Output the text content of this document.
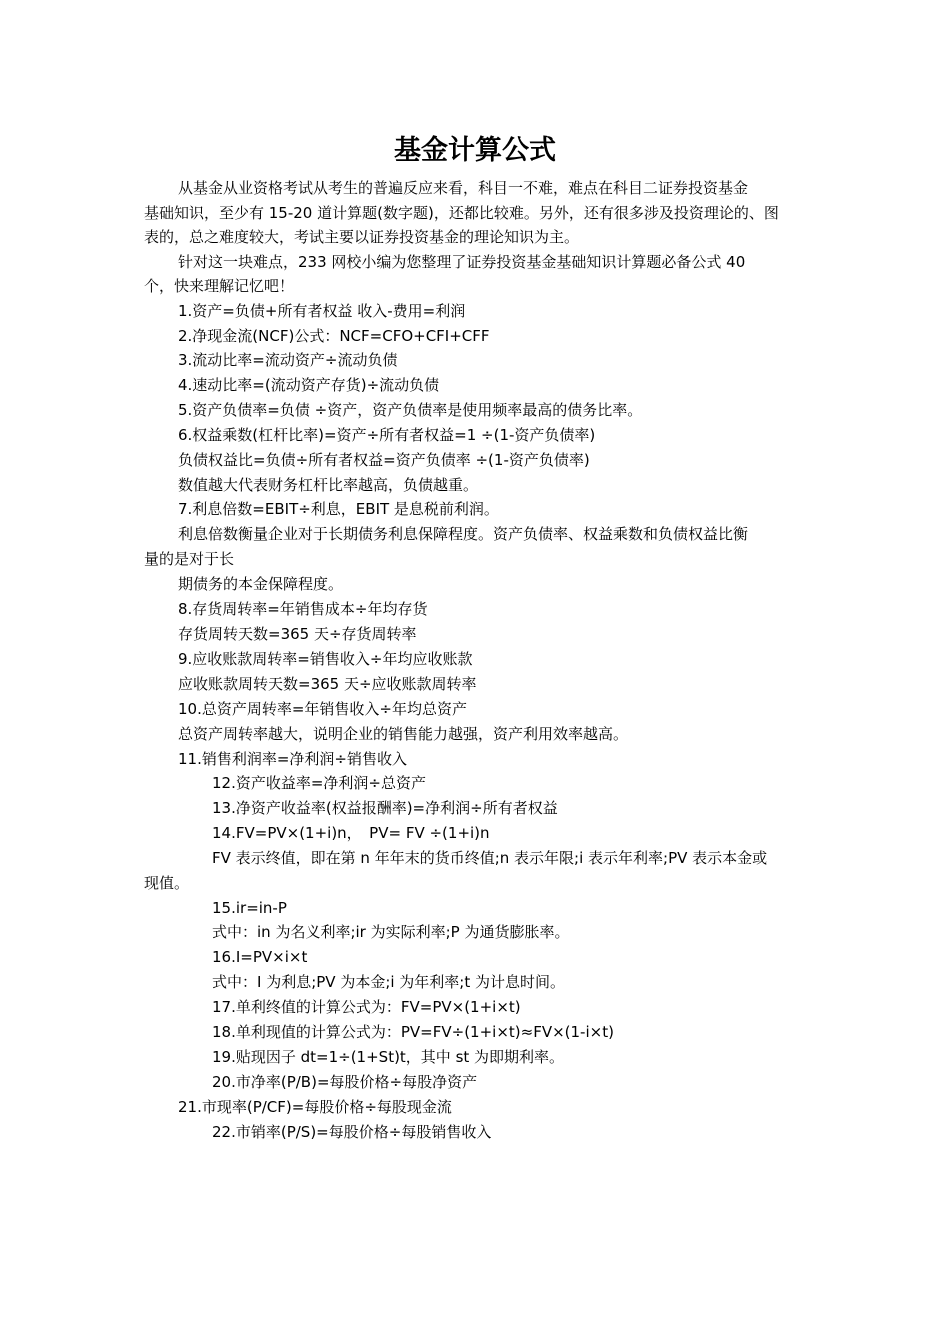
基金计算公式
从基金从业资格考试从考生的普遍反应来看，科目一不难，难点在科目二证券投资基金
基础知识，至少有 15-20 道计算题(数字题)，还都比较难。另外，还有很多涉及投资理论的、图
表的，总之难度较大，考试主要以证券投资基金的理论知识为主。
针对这一块难点，233 网校小编为您整理了证券投资基金基础知识计算题必备公式 40
个，快来理解记忆吧！
1.资产=负债+所有者权益 收入-费用=利润
2.净现金流(NCF)公式：NCF=CFO+CFI+CFF
3.流动比率=流动资产÷流动负债
4.速动比率=(流动资产存货)÷流动负债
5.资产负债率=负债 ÷资产，资产负债率是使用频率最高的债务比率。
6.权益乘数(杠杆比率)=资产÷所有者权益=1 ÷(1-资产负债率)
负债权益比=负债÷所有者权益=资产负债率 ÷(1-资产负债率)
数值越大代表财务杠杆比率越高，负债越重。
7.利息倍数=EBIT÷利息，EBIT 是息税前利润。
利息倍数衡量企业对于长期债务利息保障程度。资产负债率、权益乘数和负债权益比衡
量的是对于长
期债务的本金保障程度。
8.存货周转率=年销售成本÷年均存货
存货周转天数=365 天÷存货周转率
9.应收账款周转率=销售收入÷年均应收账款
应收账款周转天数=365 天÷应收账款周转率
10.总资产周转率=年销售收入÷年均总资产
总资产周转率越大，说明企业的销售能力越强，资产利用效率越高。
11.销售利润率=净利润÷销售收入
12.资产收益率=净利润÷总资产
13.净资产收益率(权益报酬率)=净利润÷所有者权益
14.FV=PV×(1+i)n，　PV= FV ÷(1+i)n
FV 表示终值，即在第 n 年年末的货币终值;n 表示年限;i 表示年利率;PV 表示本金或
现值。
15.ir=in-P
式中：in 为名义利率;ir 为实际利率;P 为通货膨胀率。
16.I=PV×i×t
式中：I 为利息;PV 为本金;i 为年利率;t 为计息时间。
17.单利终值的计算公式为：FV=PV×(1+i×t)
18.单利现值的计算公式为：PV=FV÷(1+i×t)≈FV×(1-i×t)
19.贴现因子 dt=1÷(1+St)t，其中 st 为即期利率。
20.市净率(P/B)=每股价格÷每股净资产
21.市现率(P/CF)=每股价格÷每股现金流
22.市销率(P/S)=每股价格÷每股销售收入
